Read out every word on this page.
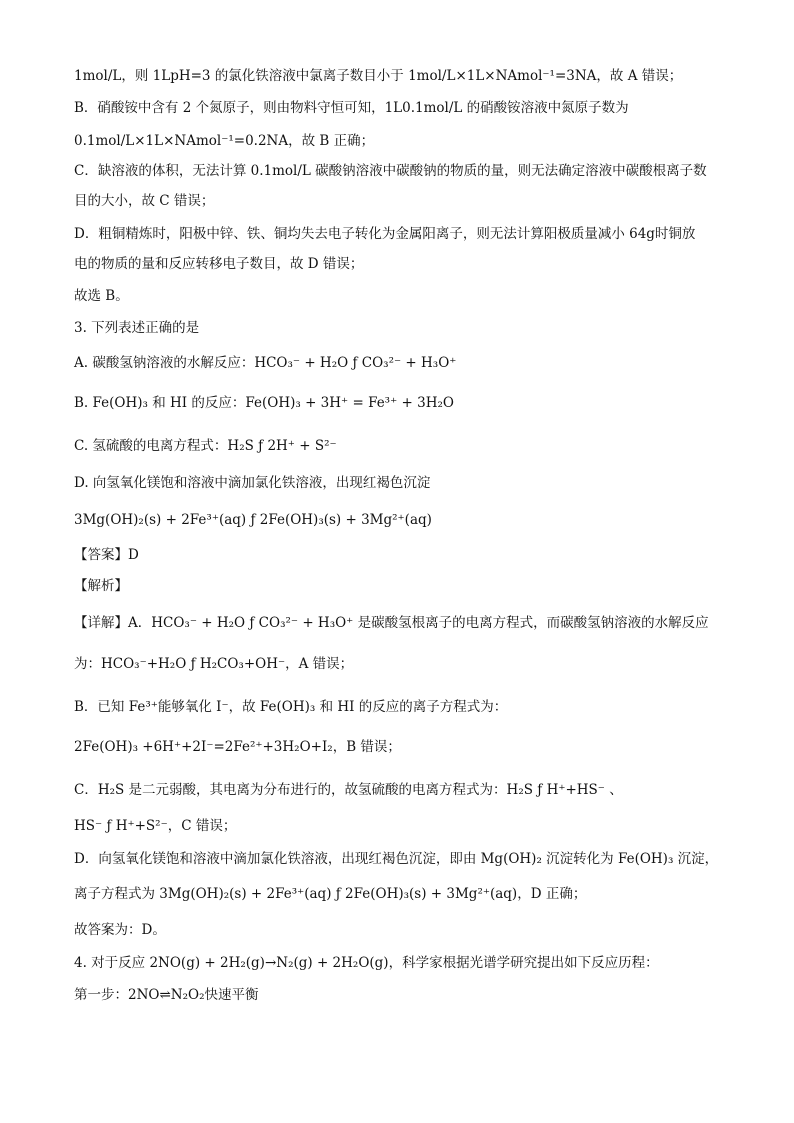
1mol/L，则 1LpH=3 的氯化铁溶液中氯离子数目小于 1mol/L×1L×NAmol⁻¹=3NA，故 A 错误；
B．硝酸铵中含有 2 个氮原子，则由物料守恒可知，1L0.1mol/L 的硝酸铵溶液中氮原子数为
0.1mol/L×1L×NAmol⁻¹=0.2NA，故 B 正确；
C．缺溶液的体积，无法计算 0.1mol/L 碳酸钠溶液中碳酸钠的物质的量，则无法确定溶液中碳酸根离子数
目的大小，故 C 错误；
D．粗铜精炼时，阳极中锌、铁、铜均失去电子转化为金属阳离子，则无法计算阳极质量减小 64g时铜放
电的物质的量和反应转移电子数目，故 D 错误；
故选 B。
3. 下列表述正确的是
A. 碳酸氢钠溶液的水解反应：HCO₃⁻ + H₂O ƒ CO₃²⁻ + H₃O⁺
B. Fe(OH)₃ 和 HI 的反应：Fe(OH)₃ + 3H⁺ = Fe³⁺ + 3H₂O
C. 氢硫酸的电离方程式：H₂S ƒ 2H⁺ + S²⁻
D. 向氢氧化镁饱和溶液中滴加氯化铁溶液，出现红褐色沉淀
3Mg(OH)₂(s) + 2Fe³⁺(aq) ƒ 2Fe(OH)₃(s) + 3Mg²⁺(aq)
【答案】D
【解析】
【详解】A．HCO₃⁻ + H₂O ƒ CO₃²⁻ + H₃O⁺ 是碳酸氢根离子的电离方程式，而碳酸氢钠溶液的水解反应
为：HCO₃⁻+H₂O ƒ H₂CO₃+OH⁻，A 错误；
B．已知 Fe³⁺能够氧化 I⁻，故 Fe(OH)₃ 和 HI 的反应的离子方程式为：
2Fe(OH)₃ +6H⁺+2I⁻=2Fe²⁺+3H₂O+I₂，B 错误；
C．H₂S 是二元弱酸，其电离为分布进行的，故氢硫酸的电离方程式为：H₂S ƒ H⁺+HS⁻ 、
HS⁻ ƒ H⁺+S²⁻，C 错误；
D．向氢氧化镁饱和溶液中滴加氯化铁溶液，出现红褐色沉淀，即由 Mg(OH)₂ 沉淀转化为 Fe(OH)₃ 沉淀，
离子方程式为 3Mg(OH)₂(s) + 2Fe³⁺(aq) ƒ 2Fe(OH)₃(s) + 3Mg²⁺(aq)，D 正确；
故答案为：D。
4. 对于反应 2NO(g) + 2H₂(g)→N₂(g) + 2H₂O(g)，科学家根据光谱学研究提出如下反应历程：
第一步：2NO⇌N₂O₂快速平衡
